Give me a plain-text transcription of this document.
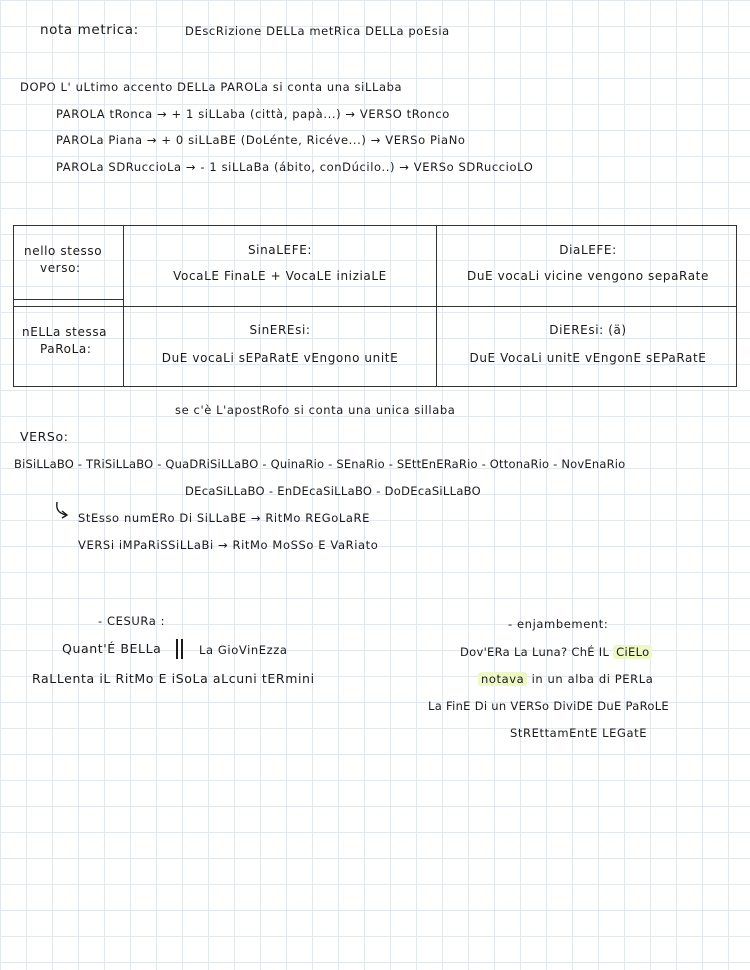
nota metrica:	DEscRizione DELLa metRica DELLa poEsia
DOPO L' uLtimo accento DELLa PAROLa si conta una siLLaba
PAROLA tRonca → + 1 siLLaba (città, papà...) → VERSO tRonco
PAROLa Piana → + 0 siLLaBE (DoLénte, Ricéve...) → VERSo PiaNo
PAROLa SDRuccioLa → - 1 siLLaBa (ábito, conDúcilo..) → VERSo SDRuccioLO
nello stesso
verso:
SinaLEFE:
VocaLE FinaLE + VocaLE iniziaLE
DiaLEFE:
DuE vocaLi vicine vengono sepaRate
nELLa stessa
PaRoLa:
SinEREsi:
DuE vocaLi sEPaRatE vEngono unitE
DiEREsi: (ä)
DuE VocaLi unitE vEngonE sEPaRatE
se c'è L'apostRofo si conta una unica sillaba
VERSo:
BiSiLLaBO - TRiSiLLaBO - QuaDRiSiLLaBO - QuinaRio - SEnaRio - SEttEnERaRio - OttonaRio - NovEnaRio
DEcaSiLLaBO - EnDEcaSiLLaBO - DoDEcaSiLLaBO
StEsso numERo Di SiLLaBE → RitMo REGoLaRE
VERSi iMPaRiSSiLLaBi → RitMo MoSSo E VaRiato
- CESURa :
Quant'É BELLa	La GioVinEzza
RaLLenta iL RitMo E iSoLa aLcuni tERmini
- enjambement:
Dov'ERa La Luna? ChÉ IL CiELo
notava in un alba di PERLa
La FinE Di un VERSo DiviDE DuE PaRoLE
StREttamEntE LEGatE
